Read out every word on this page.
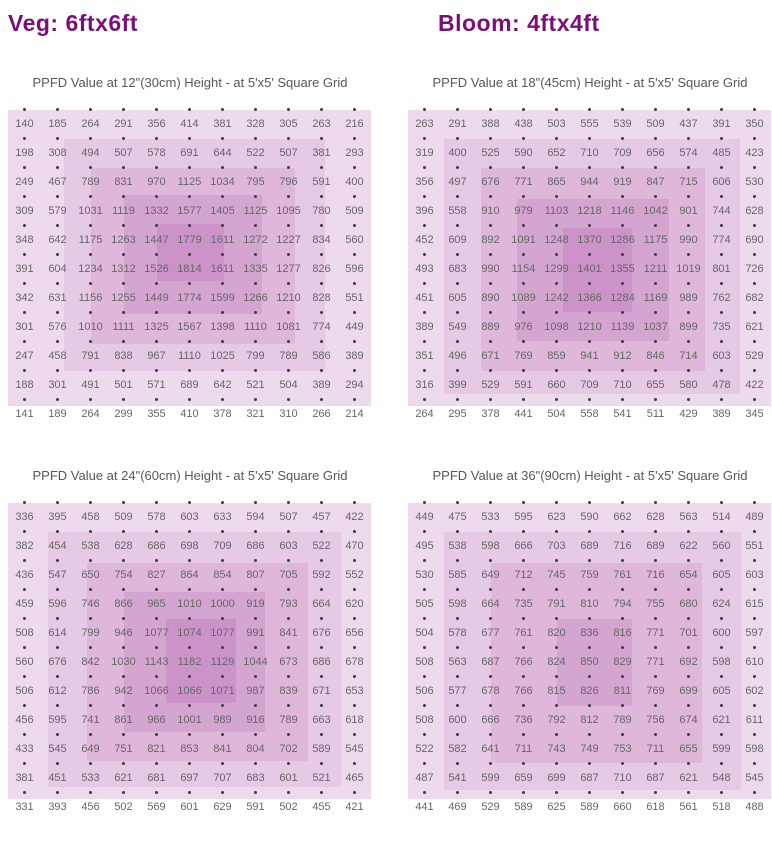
Veg: 6ftx6ft	Bloom: 4ftx4ft
PPFD Value at 12"(30cm) Height - at 5'x5' Square Grid
140	185	264	291	356	414	381	328	305	263	216
198	308	494	507	578	691	644	522	507	381	293
249	467	789	831	970	1125 1034	795	796	591	400
309	579	1031 1119 1332 1577 1405 1125 1095	780	509
348	642	1175 1263 1447 1779 1611 1272 1227	834	560
391	604	1234 1312 1526 1814 1611 1335 1277	826	596
342	631	1156 1255 1449 1774 1599 1266 1210	828	551
301	576	1010 1111 1325 1567 1398 1110 1081	774	449
247	458	791	838	967	1110 1025	799	789	586	389
188	301	491	501	571	689	642	521	504	389	294
141	189	264	299	355	410	378	321	310	266	214
PPFD Value at 18"(45cm) Height - at 5'x5' Square Grid
263	291	388	438	503	555	539	509	437	391	350
319	400	525	590	652	710	709	656	574	485	423
356	497	676	771	865	944	919	847	715	606	530
396	558	910	979	1103 1218 1146 1042	901	744	628
452	609	892	1091 1248 1370 1286 1175	990	774	690
493	683	990	1154 1299 1401 1355 1211 1019	801	726
451	605	890	1089 1242 1366 1284 1169	989	762	682
389	549	889	976	1098 1210 1139 1037	899	735	621
351	496	671	769	859	941	912	846	714	603	529
316	399	529	591	660	709	710	655	580	478	422
264	295	378	441	504	558	541	511	429	389	345
PPFD Value at 24"(60cm) Height - at 5'x5' Square Grid
336	395	458	509	578	603	633	594	507	457	422
382	454	538	628	686	698	709	686	603	522	470
436	547	650	754	827	864	854	807	705	592	552
459	596	746	866	965	1010 1000	919	793	664	620
508	614	799	946	1077 1074 1077	991	841	676	656
560	676	842	1030 1143 1182 1129 1044	673	686	678
506	612	786	942	1066 1066 1071	987	839	671	653
456	595	741	861	966	1001	989	916	789	663	618
433	545	649	751	821	853	841	804	702	589	545
381	451	533	621	681	697	707	683	601	521	465
331	393	456	502	569	601	629	591	502	455	421
PPFD Value at 36"(90cm) Height - at 5'x5' Square Grid
449	475	533	595	623	590	662	628	563	514	489
495	538	598	666	703	689	716	689	622	560	551
530	585	649	712	745	759	761	716	654	605	603
505	598	664	735	791	810	794	755	680	624	615
504	578	677	761	820	836	816	771	701	600	597
508	563	687	766	824	850	829	771	692	598	610
506	577	678	766	815	826	811	769	699	605	602
508	600	666	736	792	812	789	756	674	621	611
522	582	641	711	743	749	753	711	655	599	598
487	541	599	659	699	687	710	687	621	548	545
441	469	529	589	625	589	660	618	561	518	488
